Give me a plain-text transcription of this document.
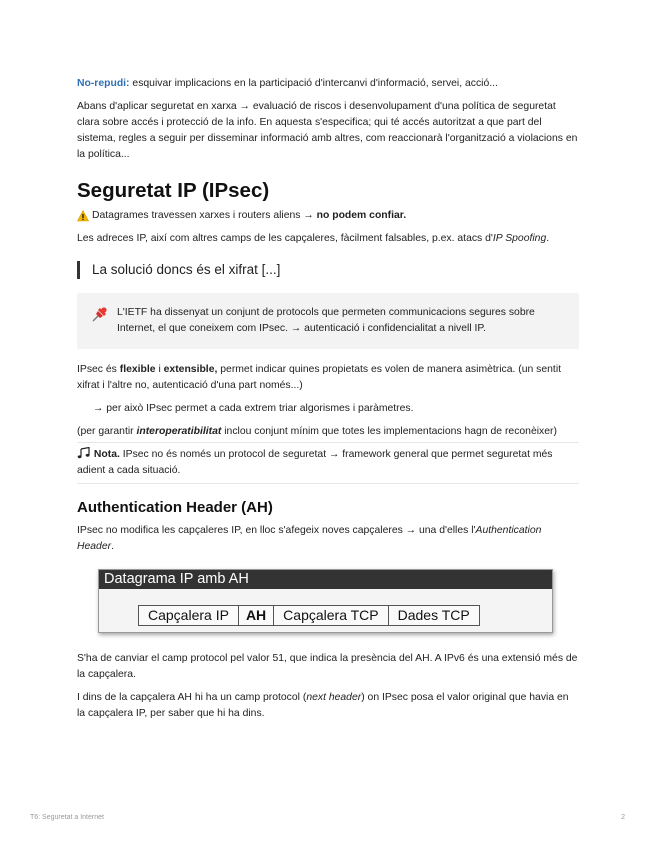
No-repudi: esquivar implicacions en la participació d'intercanvi d'informació, servei, acció...

Abans d'aplicar seguretat en xarxa → evaluació de riscos i desenvolupament d'una política de seguretat clara sobre accés i protecció de la info. En aquesta s'especifica; qui té accés autoritzat a que part del sistema, regles a seguir per disseminar informació amb altres, com reaccionarà l'organització a violacions en la política...

Seguretat IP (IPsec)

Datagrames travessen xarxes i routers aliens → no podem confiar.

Les adreces IP, així com altres camps de les capçaleres, fàcilment falsables, p.ex. atacs d'IP Spoofing.

La solució doncs és el xifrat [...]

L'IETF ha dissenyat un conjunt de protocols que permeten communicacions segures sobre Internet, el que coneixem com IPsec. → autenticació i confidencialitat a nivell IP.

IPsec és flexible i extensible, permet indicar quines propietats es volen de manera asimètrica. (un sentit xifrat i l'altre no, autenticació d'una part només...)

→ per això IPsec permet a cada extrem triar algorismes i paràmetres.

(per garantir interoperatibilitat inclou conjunt mínim que totes les implementacions hagn de reconèixer)

Nota. IPsec no és només un protocol de seguretat → framework general que permet seguretat més adient a cada situació.

Authentication Header (AH)

IPsec no modifica les capçaleres IP, en lloc s'afegeix noves capçaleres → una d'elles l'Authentication Header.

Datagrama IP amb AH
Capçalera IP	AH	Capçalera TCP	Dades TCP

S'ha de canviar el camp protocol pel valor 51, que indica la presència del AH. A IPv6 és una extensió més de la capçalera.

I dins de la capçalera AH hi ha un camp protocol (next header) on IPsec posa el valor original que havia en la capçalera IP, per saber que hi ha dins.

T6: Seguretat a Internet	2
